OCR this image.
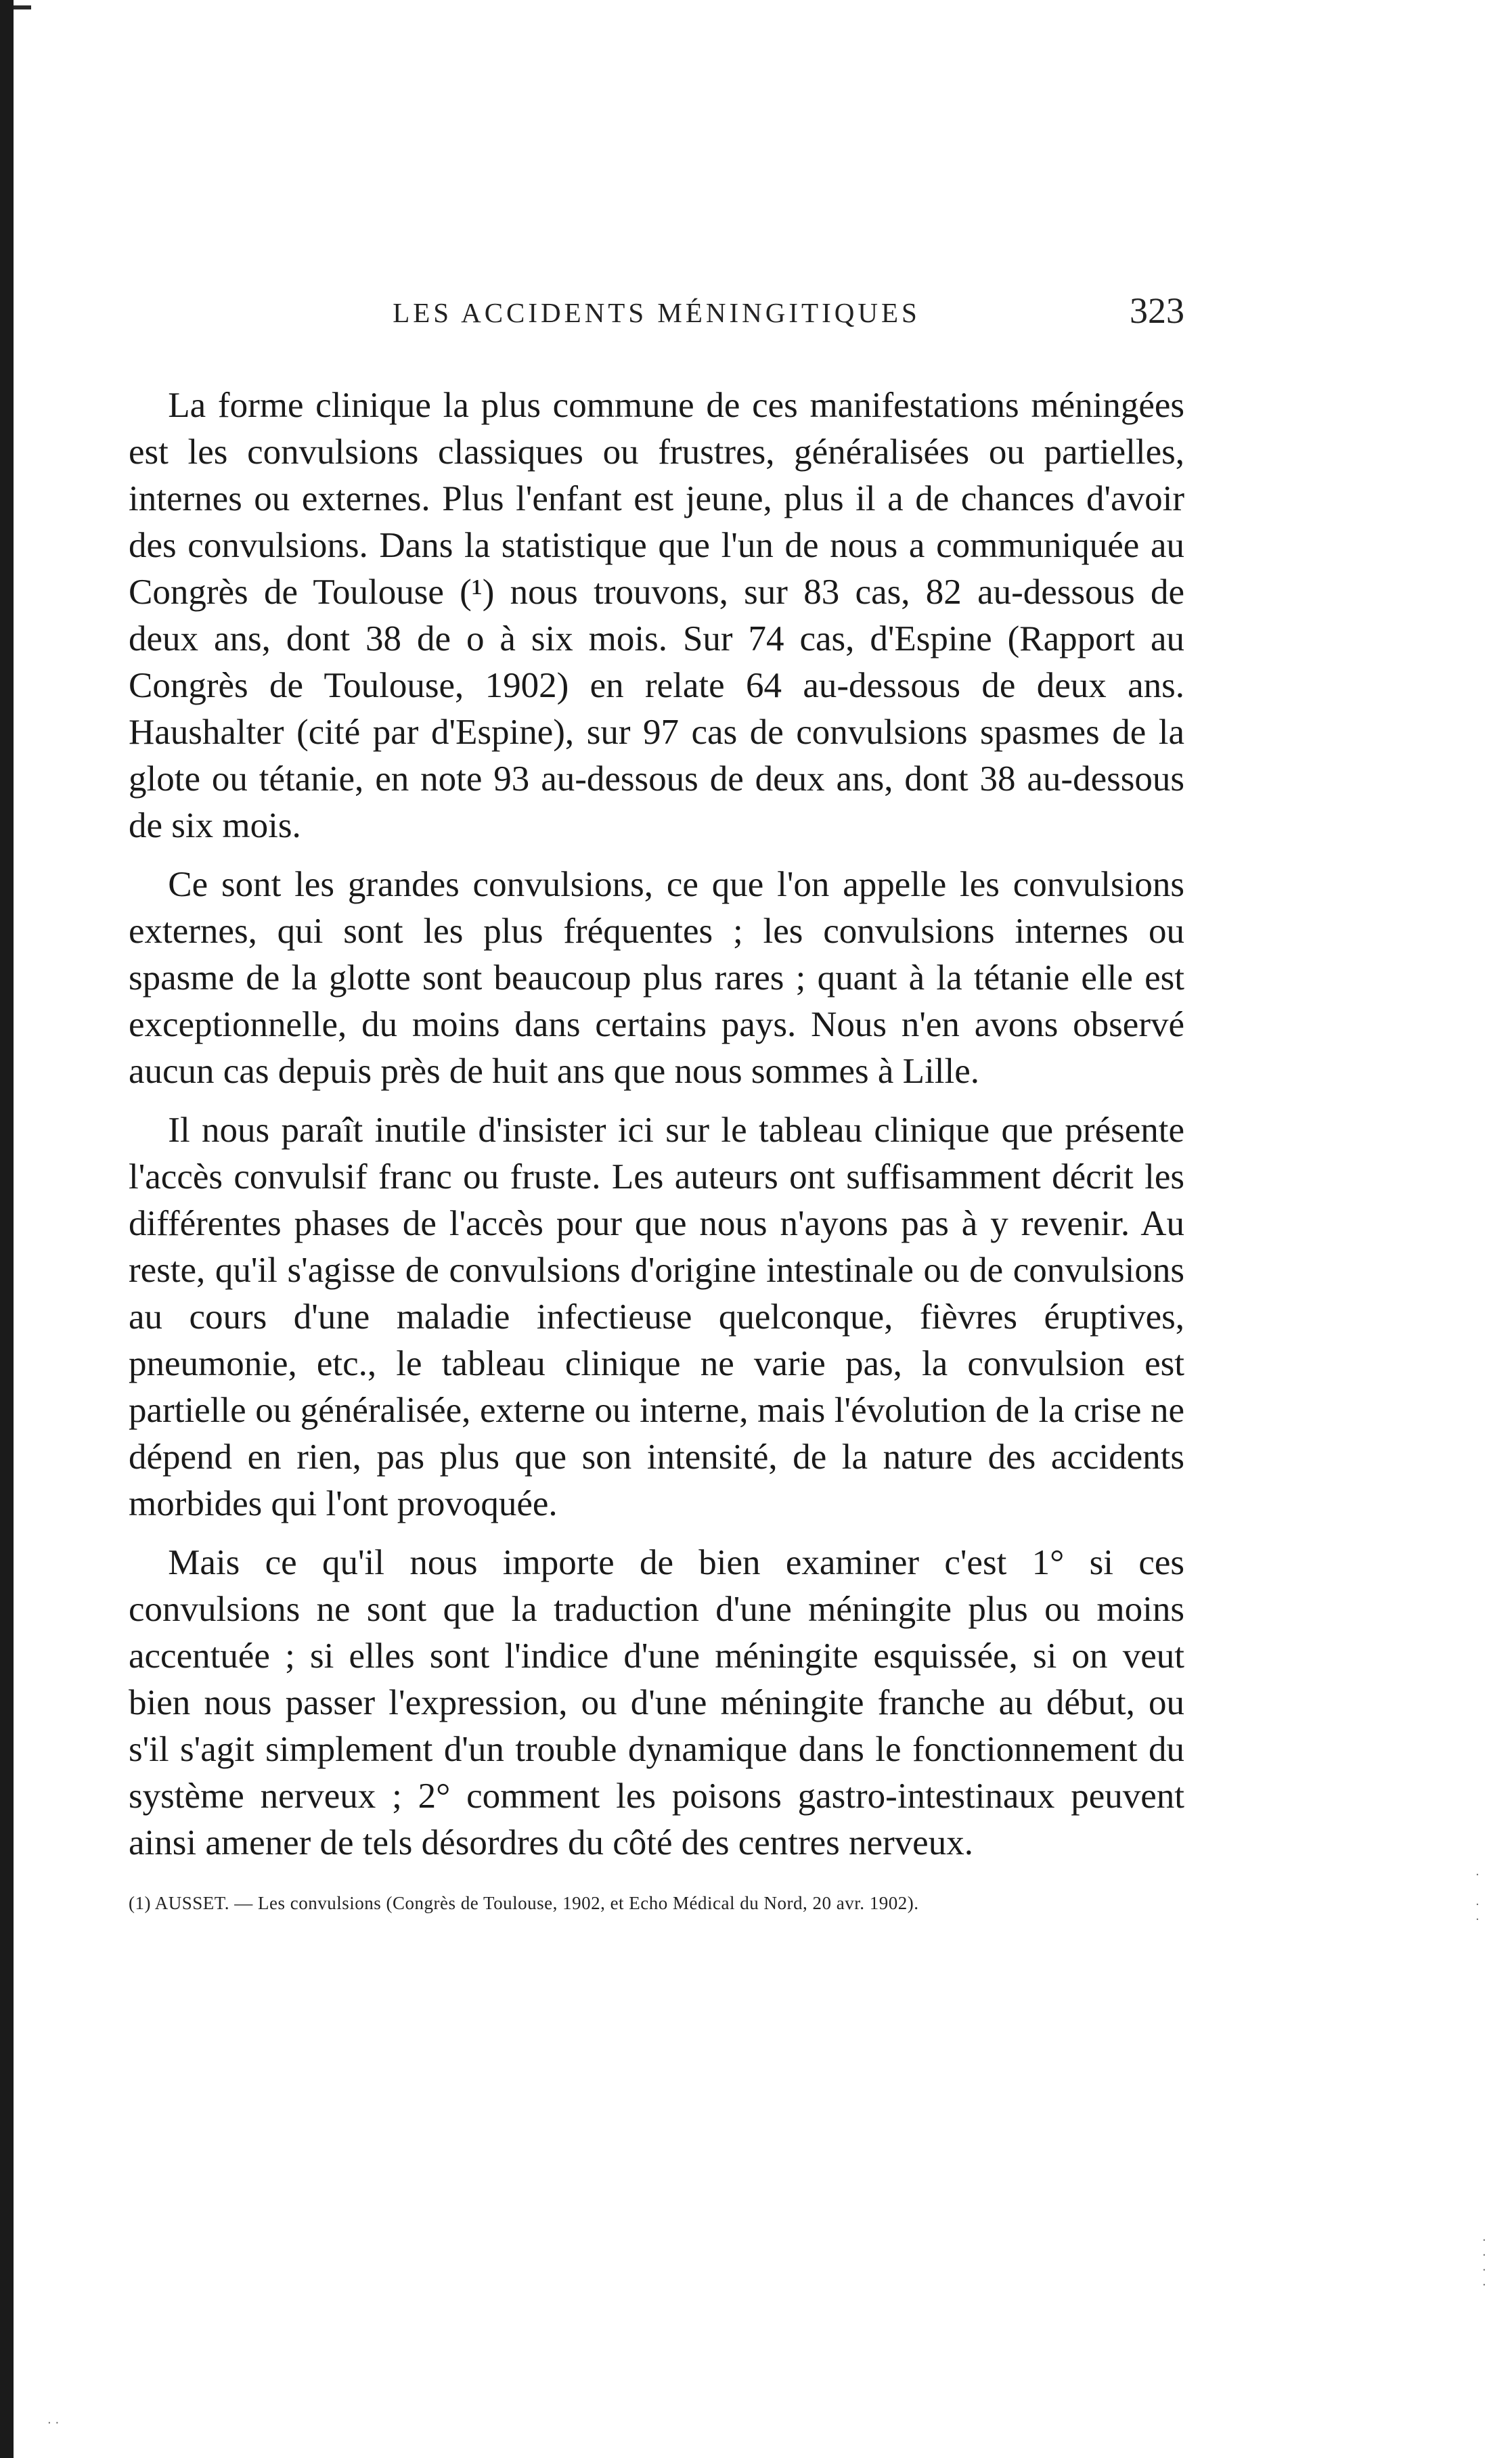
LES ACCIDENTS MÉNINGITIQUES	323

La forme clinique la plus commune de ces manifestations méningées est les convulsions classiques ou frustres, généralisées ou partielles, internes ou externes. Plus l'enfant est jeune, plus il a de chances d'avoir des convulsions. Dans la statistique que l'un de nous a communiquée au Congrès de Toulouse (¹) nous trouvons, sur 83 cas, 82 au-dessous de deux ans, dont 38 de o à six mois. Sur 74 cas, d'Espine (Rapport au Congrès de Toulouse, 1902) en relate 64 au-dessous de deux ans. Haushalter (cité par d'Espine), sur 97 cas de convulsions spasmes de la glote ou tétanie, en note 93 au-dessous de deux ans, dont 38 au-dessous de six mois.

Ce sont les grandes convulsions, ce que l'on appelle les convulsions externes, qui sont les plus fréquentes ; les convulsions internes ou spasme de la glotte sont beaucoup plus rares ; quant à la tétanie elle est exceptionnelle, du moins dans certains pays. Nous n'en avons observé aucun cas depuis près de huit ans que nous sommes à Lille.

Il nous paraît inutile d'insister ici sur le tableau clinique que présente l'accès convulsif franc ou fruste. Les auteurs ont suffisamment décrit les différentes phases de l'accès pour que nous n'ayons pas à y revenir. Au reste, qu'il s'agisse de convulsions d'origine intestinale ou de convulsions au cours d'une maladie infectieuse quelconque, fièvres éruptives, pneumonie, etc., le tableau clinique ne varie pas, la convulsion est partielle ou généralisée, externe ou interne, mais l'évolution de la crise ne dépend en rien, pas plus que son intensité, de la nature des accidents morbides qui l'ont provoquée.

Mais ce qu'il nous importe de bien examiner c'est 1° si ces convulsions ne sont que la traduction d'une méningite plus ou moins accentuée ; si elles sont l'indice d'une méningite esquissée, si on veut bien nous passer l'expression, ou d'une méningite franche au début, ou s'il s'agit simplement d'un trouble dynamique dans le fonctionnement du système nerveux ; 2° comment les poisons gastro-intestinaux peuvent ainsi amener de tels désordres du côté des centres nerveux.

(1) AUSSET. — Les convulsions (Congrès de Toulouse, 1902, et Echo Médical du Nord, 20 avr. 1902).
·

·
·
·
·
·
·
· ·
